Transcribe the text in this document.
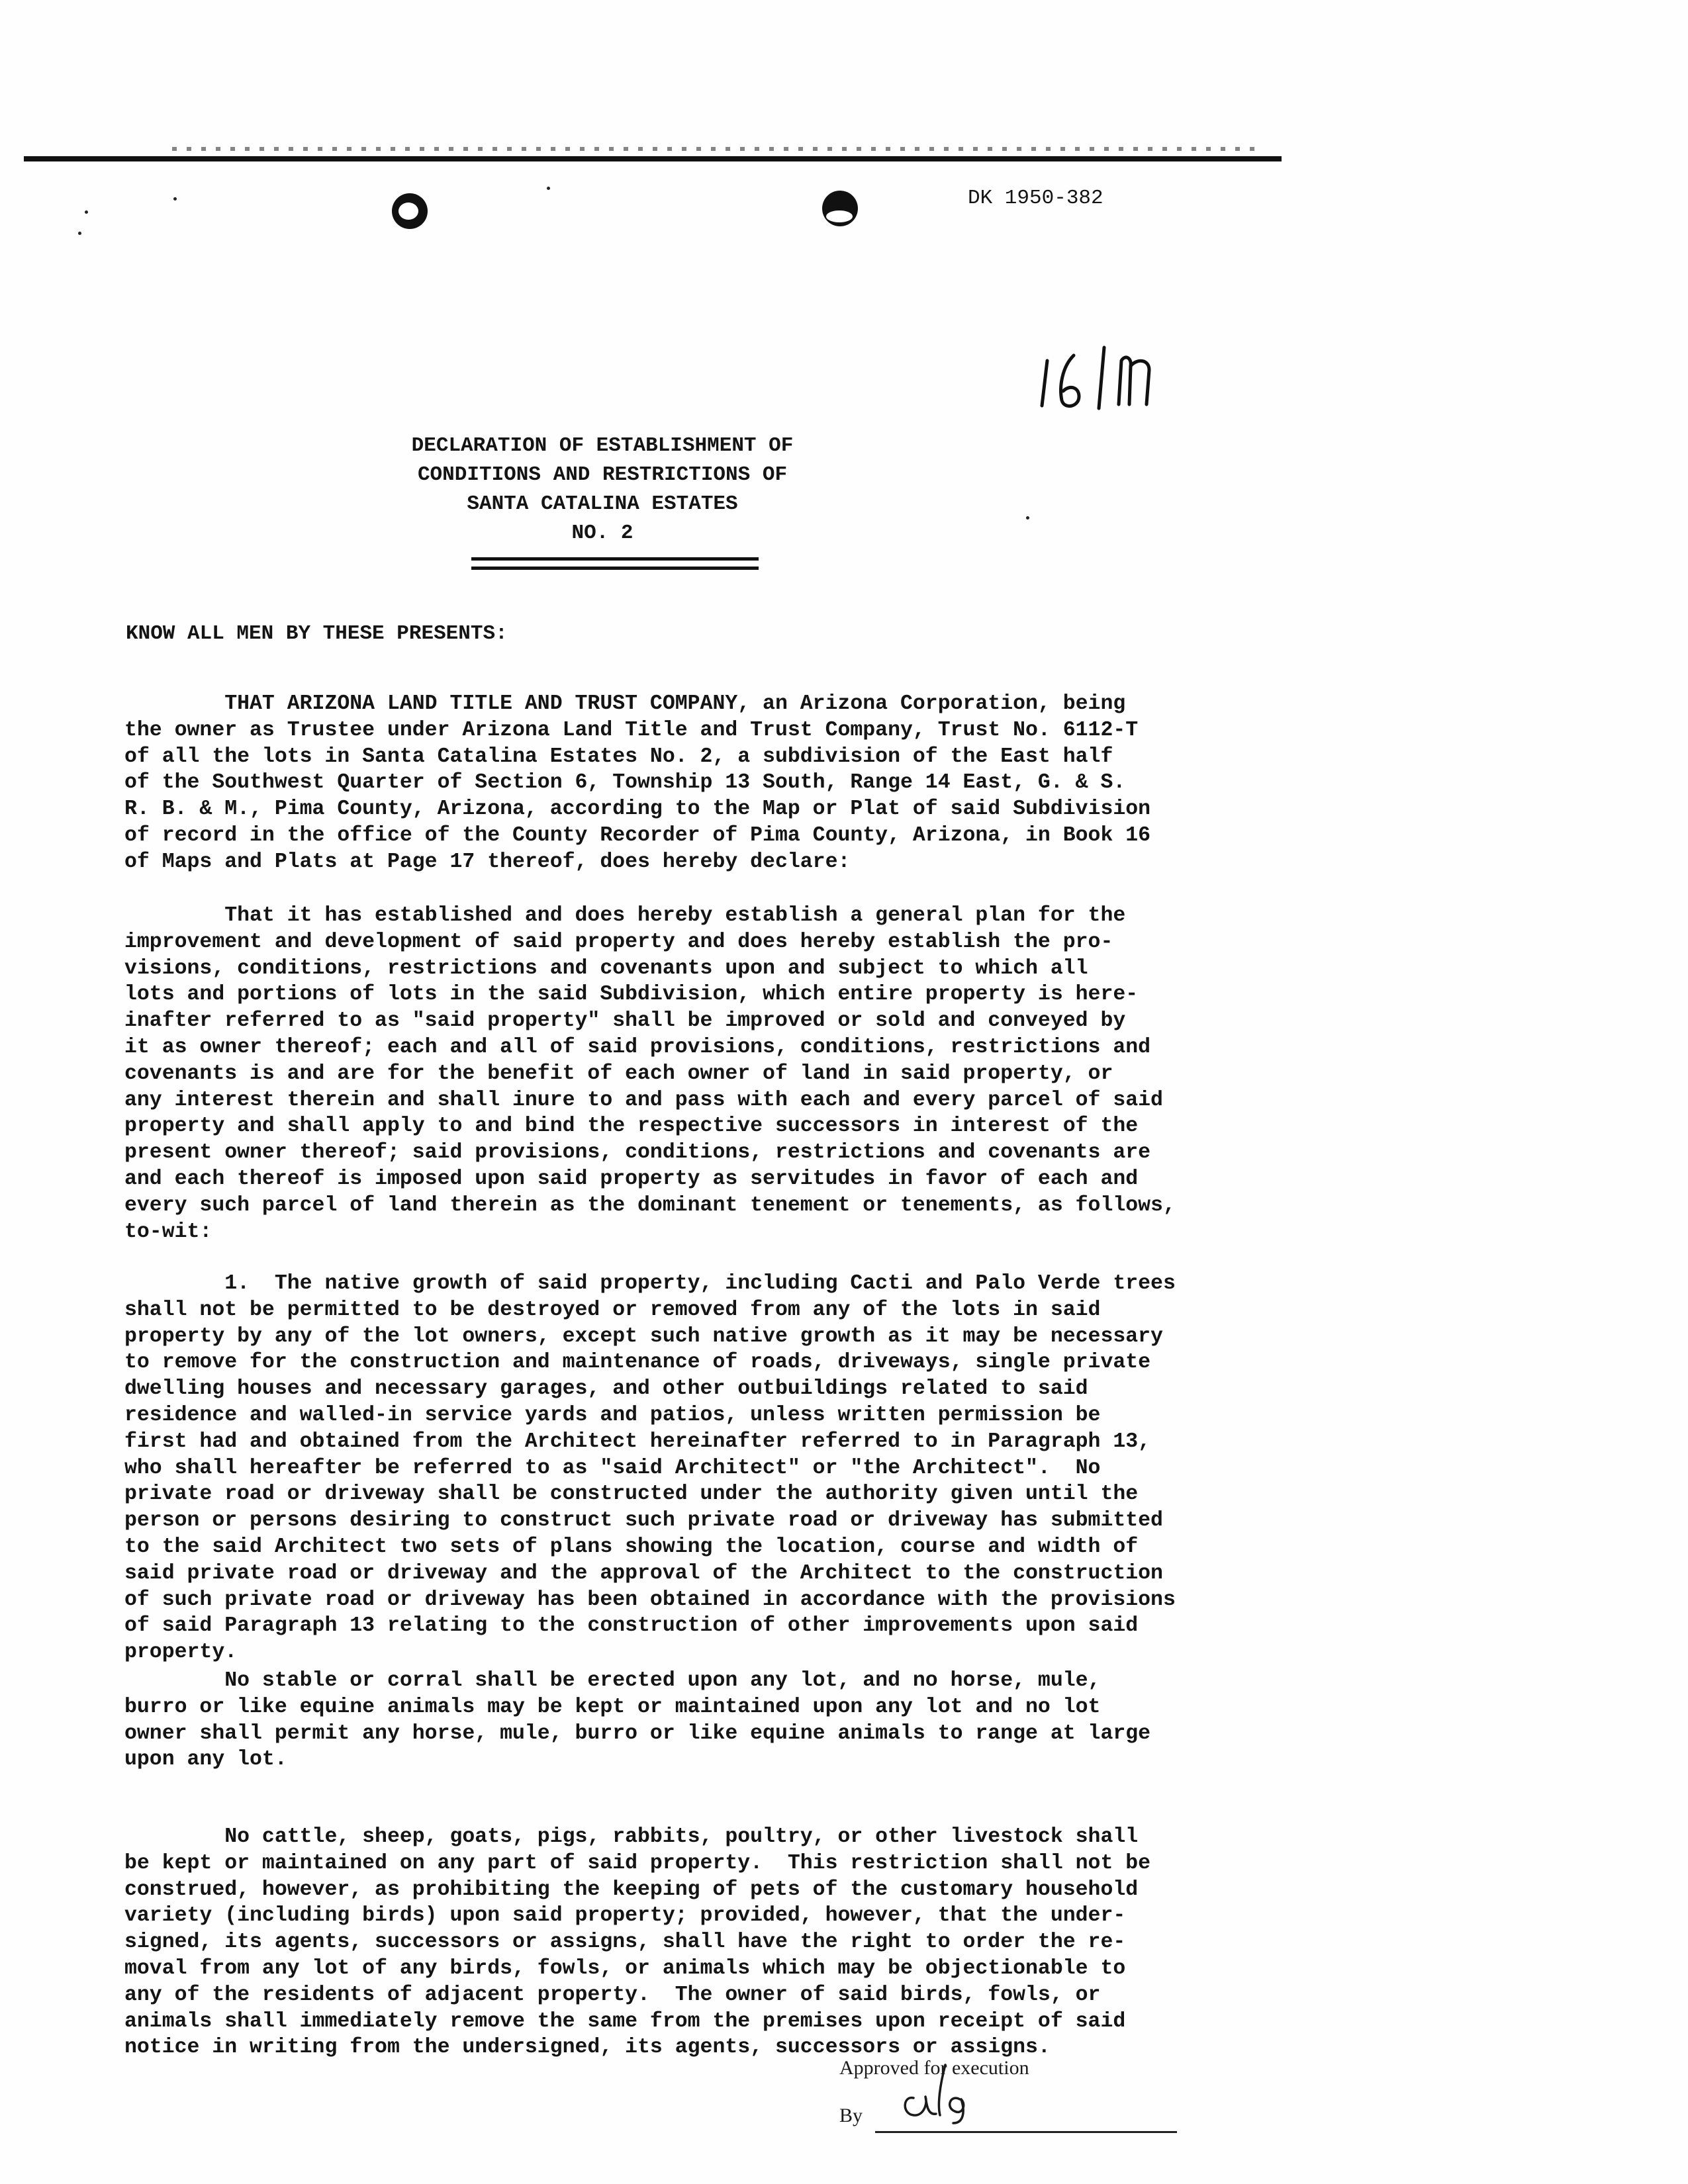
DK 1950-382
DECLARATION OF ESTABLISHMENT OF
CONDITIONS AND RESTRICTIONS OF
SANTA CATALINA ESTATES
NO. 2
KNOW ALL MEN BY THESE PRESENTS:
THAT ARIZONA LAND TITLE AND TRUST COMPANY, an Arizona Corporation, being
the owner as Trustee under Arizona Land Title and Trust Company, Trust No. 6112-T
of all the lots in Santa Catalina Estates No. 2, a subdivision of the East half
of the Southwest Quarter of Section 6, Township 13 South, Range 14 East, G. & S.
R. B. & M., Pima County, Arizona, according to the Map or Plat of said Subdivision
of record in the office of the County Recorder of Pima County, Arizona, in Book 16
of Maps and Plats at Page 17 thereof, does hereby declare:
That it has established and does hereby establish a general plan for the
improvement and development of said property and does hereby establish the pro-
visions, conditions, restrictions and covenants upon and subject to which all
lots and portions of lots in the said Subdivision, which entire property is here-
inafter referred to as "said property" shall be improved or sold and conveyed by
it as owner thereof; each and all of said provisions, conditions, restrictions and
covenants is and are for the benefit of each owner of land in said property, or
any interest therein and shall inure to and pass with each and every parcel of said
property and shall apply to and bind the respective successors in interest of the
present owner thereof; said provisions, conditions, restrictions and covenants are
and each thereof is imposed upon said property as servitudes in favor of each and
every such parcel of land therein as the dominant tenement or tenements, as follows,
to-wit:
1.  The native growth of said property, including Cacti and Palo Verde trees
shall not be permitted to be destroyed or removed from any of the lots in said
property by any of the lot owners, except such native growth as it may be necessary
to remove for the construction and maintenance of roads, driveways, single private
dwelling houses and necessary garages, and other outbuildings related to said
residence and walled-in service yards and patios, unless written permission be
first had and obtained from the Architect hereinafter referred to in Paragraph 13,
who shall hereafter be referred to as "said Architect" or "the Architect".  No
private road or driveway shall be constructed under the authority given until the
person or persons desiring to construct such private road or driveway has submitted
to the said Architect two sets of plans showing the location, course and width of
said private road or driveway and the approval of the Architect to the construction
of such private road or driveway has been obtained in accordance with the provisions
of said Paragraph 13 relating to the construction of other improvements upon said
property.
No stable or corral shall be erected upon any lot, and no horse, mule,
burro or like equine animals may be kept or maintained upon any lot and no lot
owner shall permit any horse, mule, burro or like equine animals to range at large
upon any lot.
No cattle, sheep, goats, pigs, rabbits, poultry, or other livestock shall
be kept or maintained on any part of said property.  This restriction shall not be
construed, however, as prohibiting the keeping of pets of the customary household
variety (including birds) upon said property; provided, however, that the under-
signed, its agents, successors or assigns, shall have the right to order the re-
moval from any lot of any birds, fowls, or animals which may be objectionable to
any of the residents of adjacent property.  The owner of said birds, fowls, or
animals shall immediately remove the same from the premises upon receipt of said
notice in writing from the undersigned, its agents, successors or assigns.
Approved for execution
By
